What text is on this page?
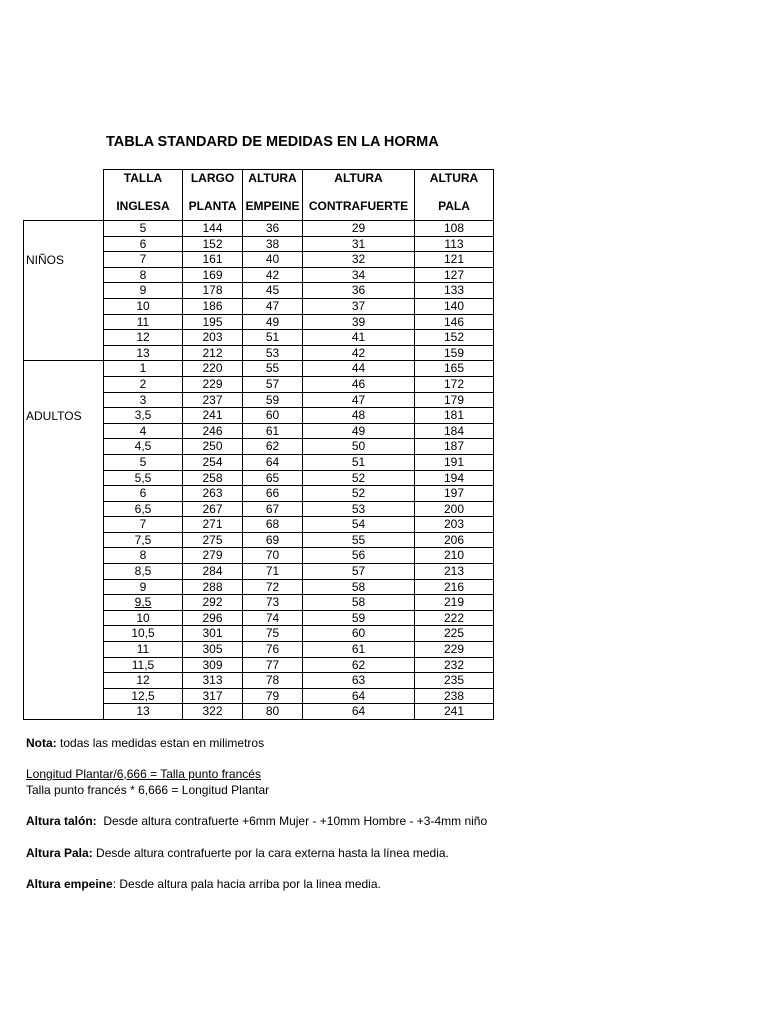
TABLA STANDARD DE MEDIDAS EN LA HORMA
	TALLA	LARGO	ALTURA	ALTURA	ALTURA
	INGLESA	PLANTA	EMPEINE	CONTRAFUERTE	PALA

NIÑOS	5	144	36	29	108
	6	152	38	31	113
	7	161	40	32	121
	8	169	42	34	127
	9	178	45	36	133
	10	186	47	37	140
	11	195	49	39	146
	12	203	51	41	152
	13	212	53	42	159

ADULTOS	1	220	55	44	165
	2	229	57	46	172
	3	237	59	47	179
	3,5	241	60	48	181
	4	246	61	49	184
	4,5	250	62	50	187
	5	254	64	51	191
	5,5	258	65	52	194
	6	263	66	52	197
	6,5	267	67	53	200
	7	271	68	54	203
	7,5	275	69	55	206
	8	279	70	56	210
	8,5	284	71	57	213
	9	288	72	58	216
	9,5	292	73	58	219
	10	296	74	59	222
	10,5	301	75	60	225
	11	305	76	61	229
	11,5	309	77	62	232
	12	313	78	63	235
	12,5	317	79	64	238
	13	322	80	64	241
Nota: todas las medidas estan en milimetros
Longitud Plantar/6,666 = Talla punto francés
Talla punto francés * 6,666 = Longitud Plantar
Altura talón:  Desde altura contrafuerte +6mm Mujer - +10mm Hombre - +3-4mm niño
Altura Pala: Desde altura contrafuerte por la cara externa hasta la línea media.
Altura empeine: Desde altura pala hacia arriba por la linea media.
